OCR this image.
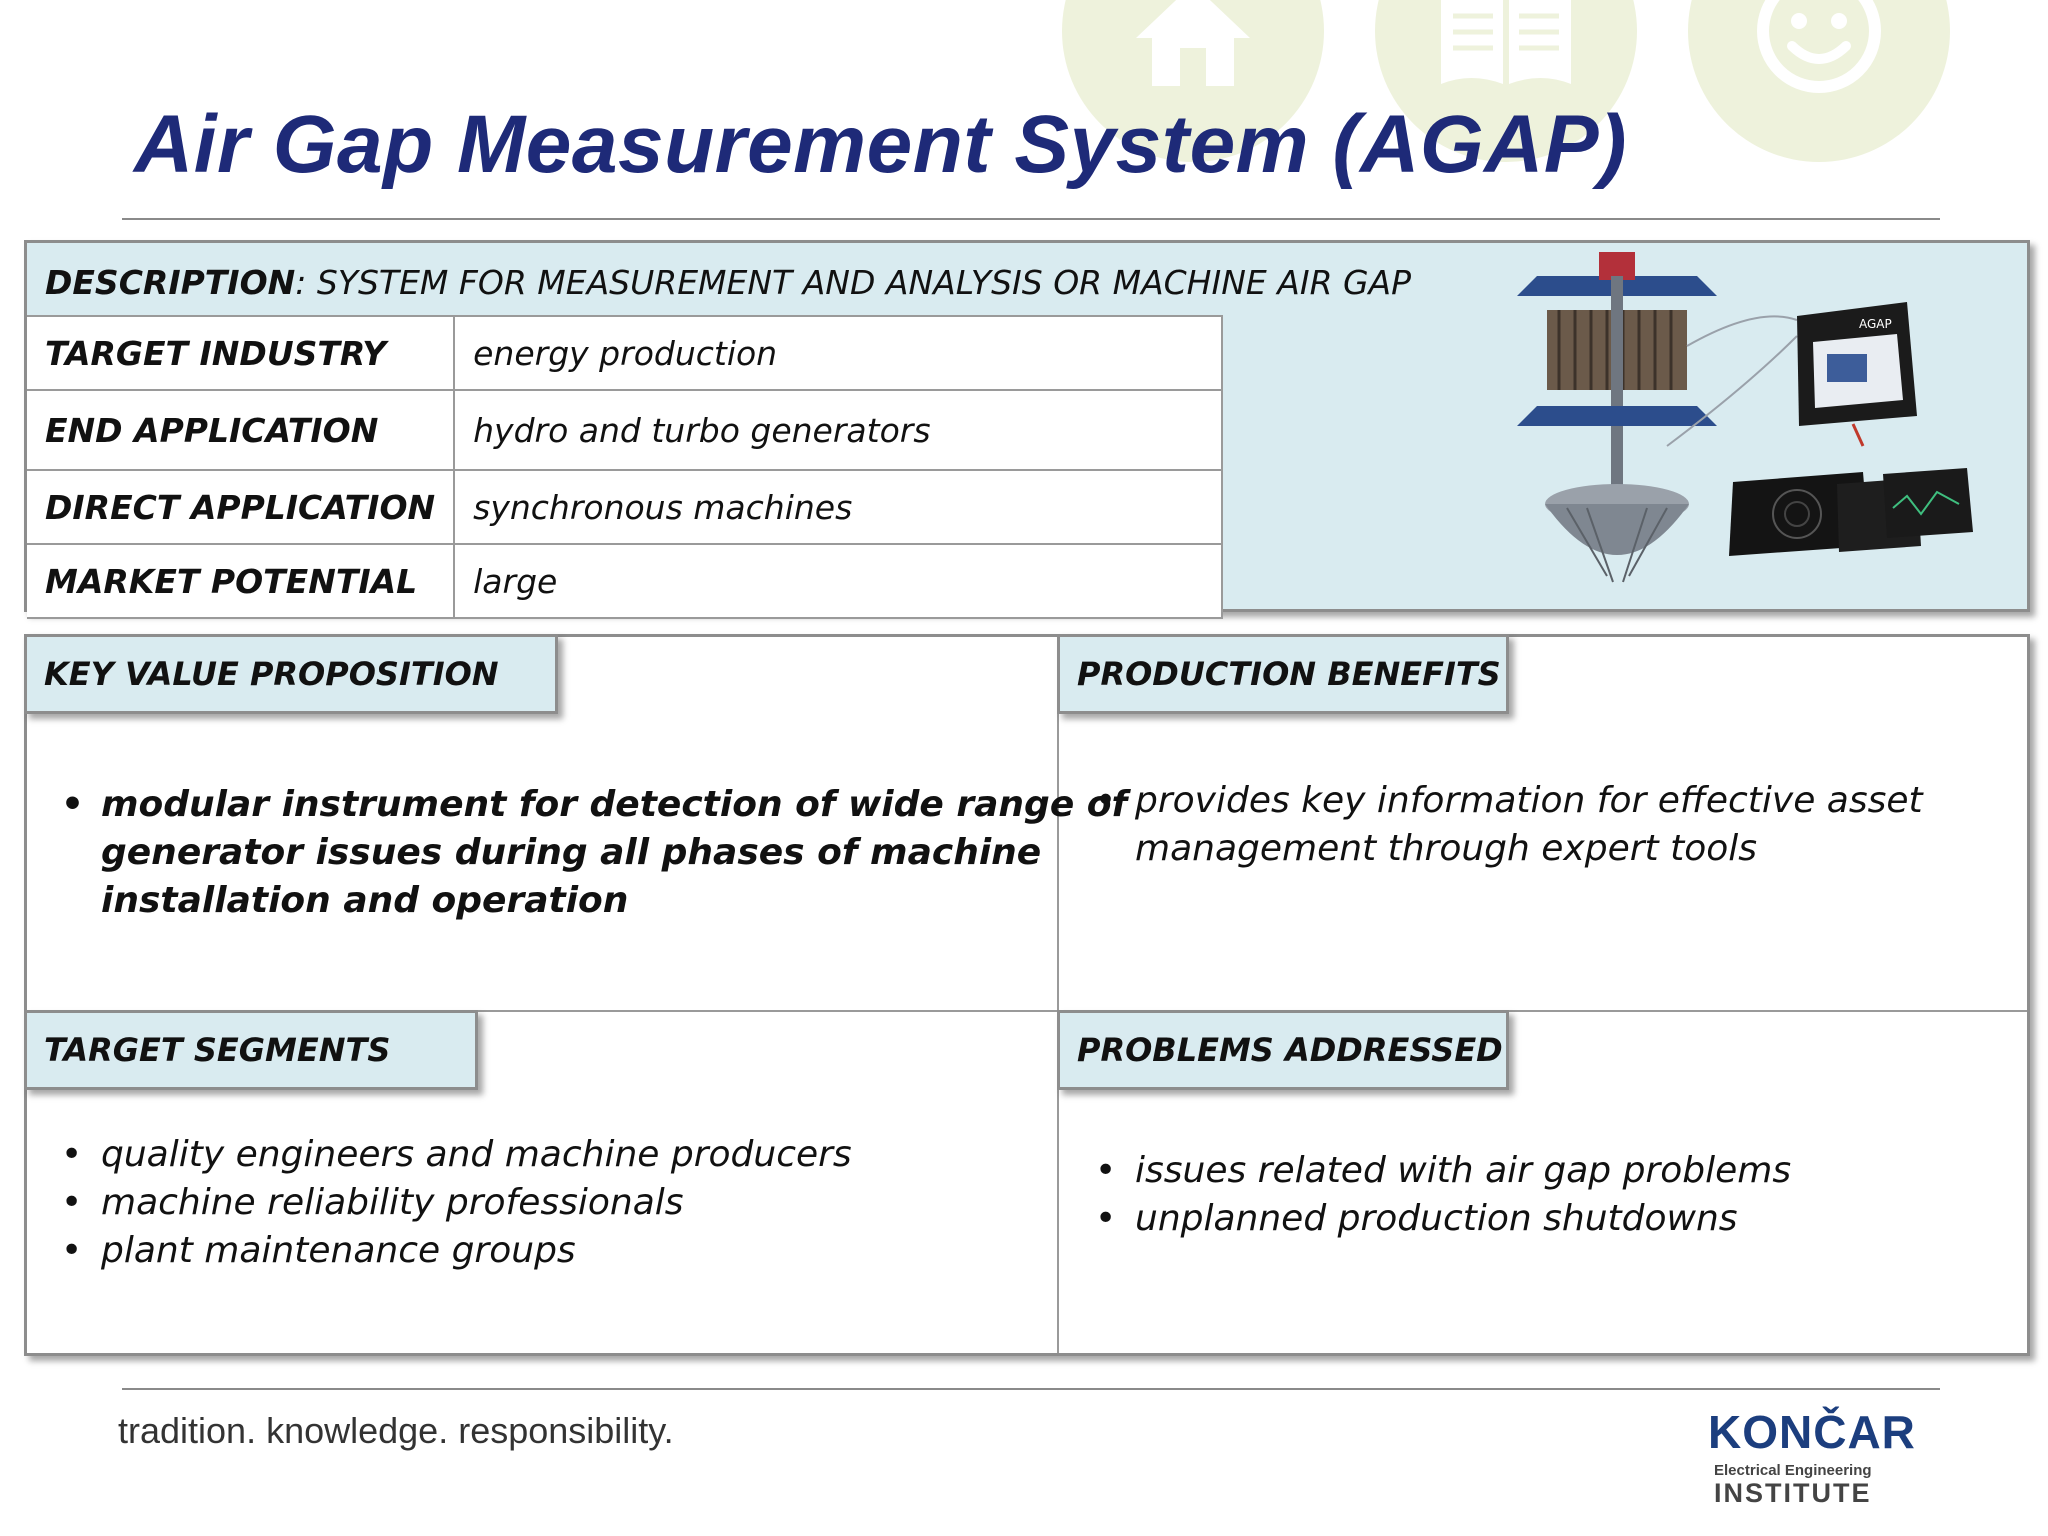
Air Gap Measurement System (AGAP)
DESCRIPTION: SYSTEM FOR MEASUREMENT AND ANALYSIS OR MACHINE AIR GAP
TARGET INDUSTRY	energy production
END APPLICATION	hydro and turbo generators
DIRECT APPLICATION	synchronous machines
MARKET POTENTIAL	large
AGAP
KEY VALUE PROPOSITION
• modular instrument for detection of wide range of
generator issues during all phases of machine
installation and operation
PRODUCTION BENEFITS
• provides key information for effective asset
management through expert tools
TARGET SEGMENTS
• quality engineers and machine producers
• machine reliability professionals
• plant maintenance groups
PROBLEMS ADDRESSED
• issues related with air gap problems
• unplanned production shutdowns
tradition. knowledge. responsibility.	KONČAR
Electrical Engineering
INSTITUTE
